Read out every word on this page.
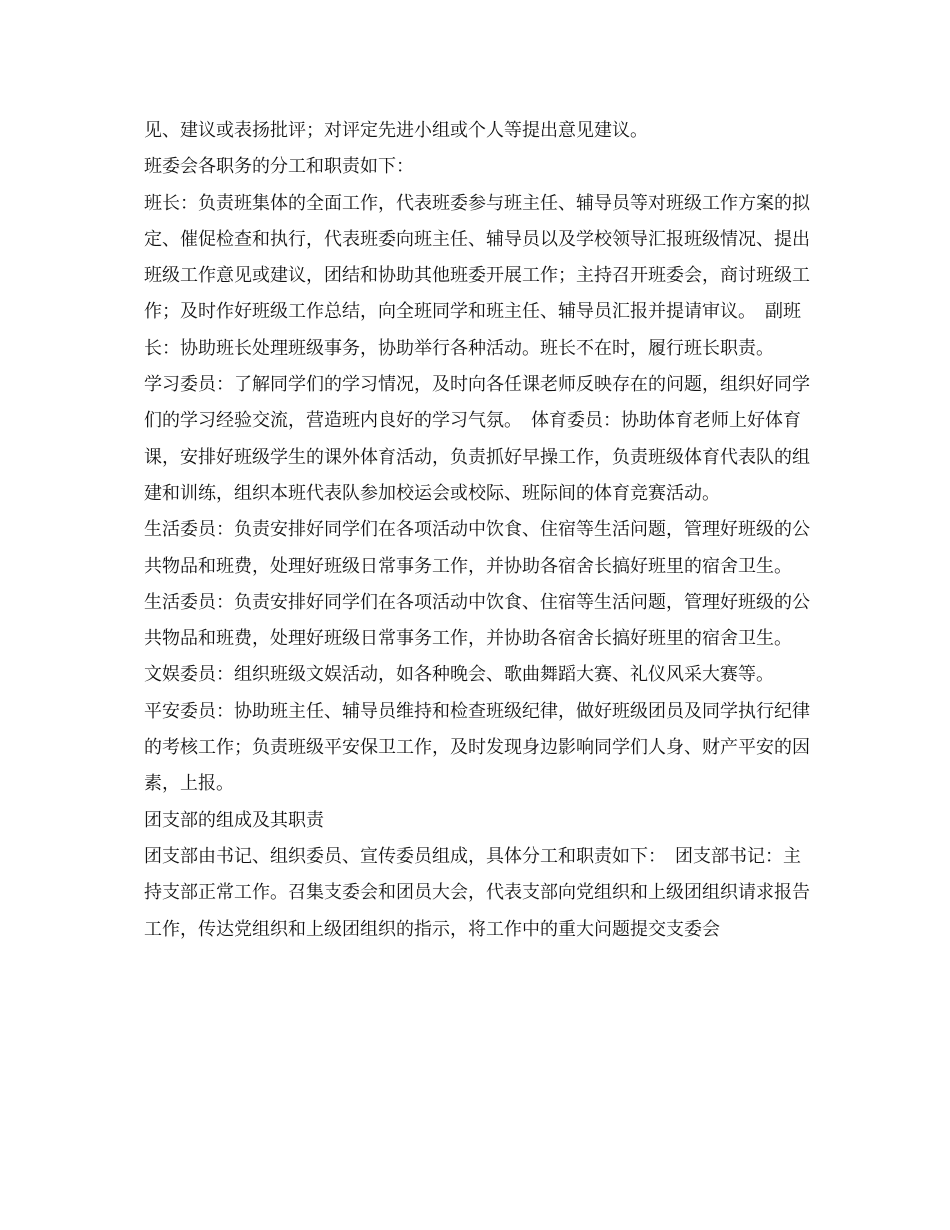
见、建议或表扬批评；对评定先进小组或个人等提出意见建议。

班委会各职务的分工和职责如下：

班长：负责班集体的全面工作，代表班委参与班主任、辅导员等对班级工作方案的拟定、催促检查和执行，代表班委向班主任、辅导员以及学校领导汇报班级情况、提出班级工作意见或建议，团结和协助其他班委开展工作；主持召开班委会，商讨班级工作；及时作好班级工作总结，向全班同学和班主任、辅导员汇报并提请审议。　副班长：协助班长处理班级事务，协助举行各种活动。班长不在时，履行班长职责。

学习委员：了解同学们的学习情况，及时向各任课老师反映存在的问题，组织好同学们的学习经验交流，营造班内良好的学习气氛。　体育委员：协助体育老师上好体育课，安排好班级学生的课外体育活动，负责抓好早操工作，负责班级体育代表队的组建和训练，组织本班代表队参加校运会或校际、班际间的体育竞赛活动。

生活委员：负责安排好同学们在各项活动中饮食、住宿等生活问题，管理好班级的公共物品和班费，处理好班级日常事务工作，并协助各宿舍长搞好班里的宿舍卫生。

生活委员：负责安排好同学们在各项活动中饮食、住宿等生活问题，管理好班级的公共物品和班费，处理好班级日常事务工作，并协助各宿舍长搞好班里的宿舍卫生。

文娱委员：组织班级文娱活动，如各种晚会、歌曲舞蹈大赛、礼仪风采大赛等。

平安委员：协助班主任、辅导员维持和检查班级纪律，做好班级团员及同学执行纪律的考核工作；负责班级平安保卫工作，及时发现身边影响同学们人身、财产平安的因素，上报。

团支部的组成及其职责

团支部由书记、组织委员、宣传委员组成，具体分工和职责如下：　团支部书记：主持支部正常工作。召集支委会和团员大会，代表支部向党组织和上级团组织请求报告工作，传达党组织和上级团组织的指示，将工作中的重大问题提交支委会
